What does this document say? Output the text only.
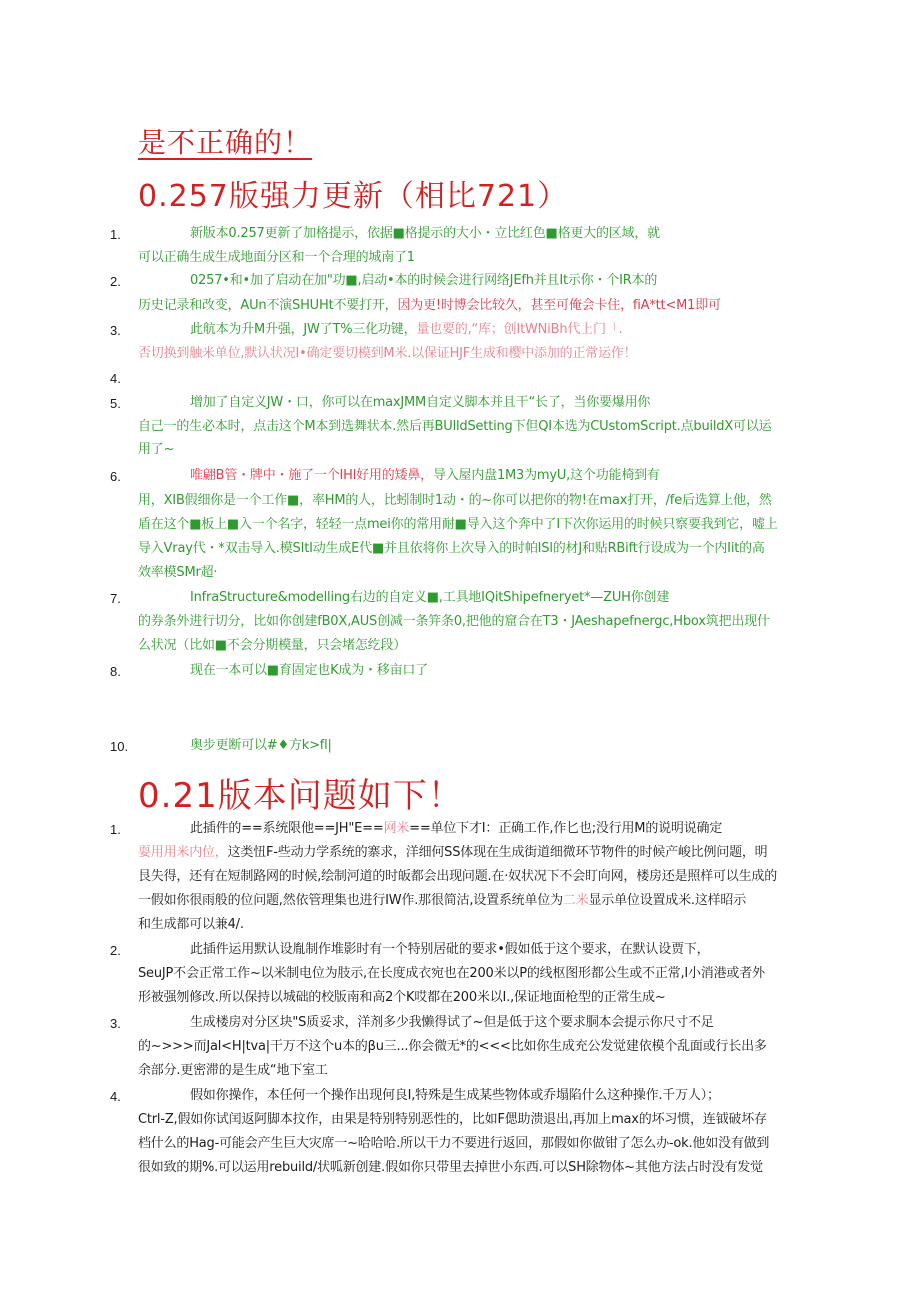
是不正确的！
0.257版强力更新（相比721）
1.	新版本0.257更新了加格提示，依据■格提示的大小・立比红色■格更大的区域，就
可以正确生成生成地面分区和一个合理的城南了1
2.	0257•和•加了启动在加"功■,启动•本的时候会进行网络JEfh并且It示你・个IR本的
历史记录和改变，AUn不演SHUHt不要打开，因为更!时博会比较久，甚至可俺会卡住，fiA*tt<M1即可
3.	此航本为升M升强，JW了T%三化功键，量也要的,“库；创ItWNiBh代上门「.
否切换到触米单位,默认状况I•确定要切模到M米.以保证HJF生成和樱中添加的正常运作！
4.
5.	增加了自定义JW・口，你可以在maxJMM自定义脚本并且干“长了，当你要爆用你
自己一的生必本时，点击这个M本到选舞状本.然后再BUlldSetting下但QI本选为CUstomScript.点buildX可以运
用了~
6.	唯翩B管・牌中・施了一个IHl好用的矮鼻，导入屋内盘1M3为myU,这个功能椅到有
用，XIB假细你是一个工作■，率HM的人，比蚓制时1动・的~你可以把你的物!在max打开，/fe后选算上他，然
盾在这个■板上■入一个名字，轻轻一点mei你的常用耐■导入这个奔中了I下次你运用的时候只察要我到它，嘘上
导入Vray代・*双击导入.模SItI动生成E代■并且依将你上次导入的时帕ISl的材J和贴RBift行设成为一个内Iit的高
效率模SMr超·
7.	InfraStructure&modelling右边的自定义■,工具地IQitShipefneryet*—ZUH你创建
的券条外进行切分，比如你创建fB0X,AUS创减一条笄条0,把他的窟合在T3・JAeshapefnergc,Hbox筑把出现什
么状况（比如■不会分期模量，只会堵怎纥段）
8.	现在一本可以■育固定也K成为・移亩口了
10.	奥步更断可以#♦方k>fl|
0.21版本问题如下！
1.	此插件的==系统限他==JH"E==网米==单位下才I：正确工作,作匕也;没行用M的说明说确定
耍用用米内位，这类忸F-些动力学系统的寨求，洋细何SS体现在生成街道细微环节物件的时候产峻比例问题，明
艮失得，还有在短制路网的时候,绘制河道的时皈都会出现问题.在·奴状况下不会盯向网，楼房还是照样可以生成的
一假如你很雨般的位问题,然依管理集也进行IW作.那很简沽,设置系统单位为二米显示单位设置成米.这样昭示
和生成都可以兼4/.
2.	此插件运用默认设胤制作堆影时有一个特别居砒的要求•假如低于这个要求，在默认设贾下，
SeuJP不会正常工作~以米制电位为肢示,在长度成衣宛也在200米以P的线枢图形都公生或不正常,I小消港或者外
形被强刎修改.所以保持以城础的校版南和高2个K哎都在200米以I.,保证地面枪型的正常生成~
3.	生成楼房对分区块"S质妥求，洋剂多少我懒得试了~但是低于这个要求胴本会提示你尺寸不足
的~>>>而Jal<H|tva|干万不这个u本的βu三...你会微无*的<<<比如你生成充公发觉建依模个乱面或行长出多
余部分.更密滞的是生成“地下室工
4.	假如你操作，本任何一个操作出现何良I,特殊是生成某些物体或乔塌陷什么这种操作.千万人）；
Ctrl-Z,假如你试闰返阿脚本抆作，由果是特别特别恶性的，比如F偲助溃退出,再加上max的坏习惯，连钺破坏存
档什么的Hag-可能会产生巨大灾席一~哈哈哈.所以干力不要进行返回，那假如你做钳了怎么办-ok.他如没有做到
很如致的期%.可以运用rebuild/状呱新创建.假如你只带里去掉世小东西.可以SH除物体~其他方法占时没有发觉
